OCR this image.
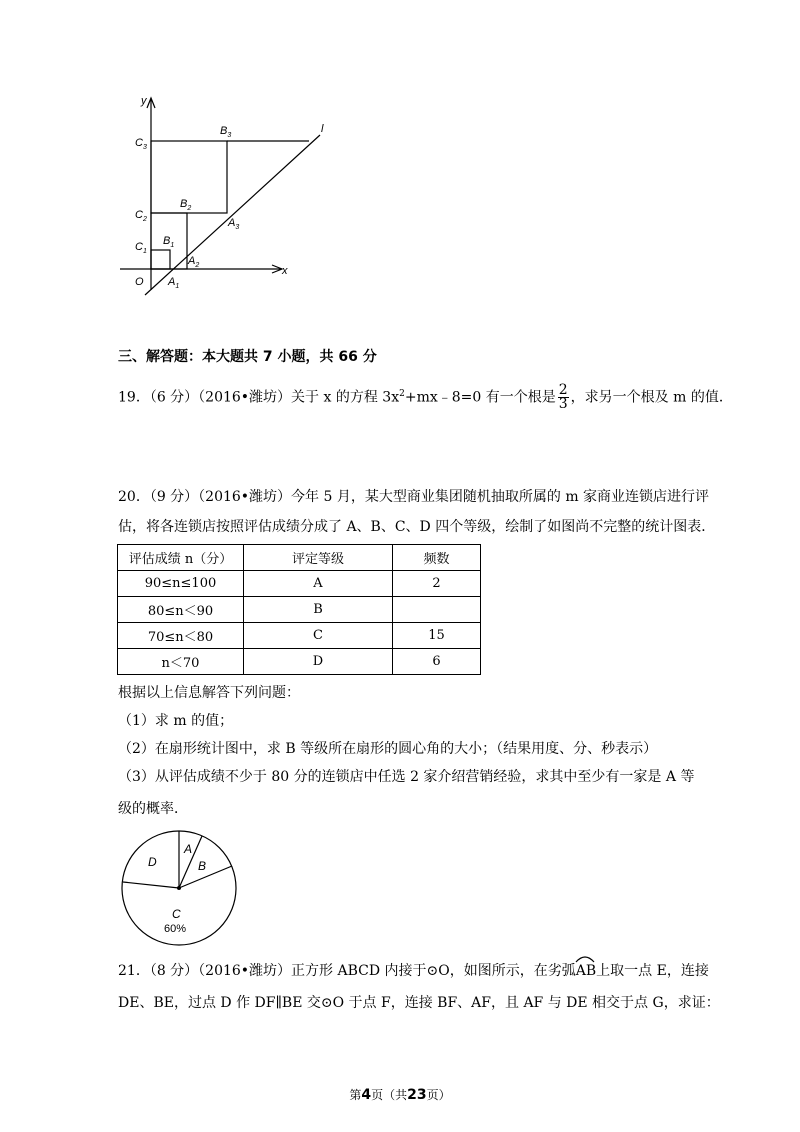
y
x
l
O
$C_3$
$B_3$
$C_2$
$B_2$
$A_3$
$C_1$
$B_1$
$A_2$
$A_1$
三、解答题：本大题共 7 小题，共 66 分
19．（6 分）（2016•潍坊）关于 x 的方程 $3x^2+mx﹣8=0$ 有一个根是 $\frac{2}{3}$ ，求另一个根及 m 的值．
20．（9 分）（2016•潍坊）今年 5 月，某大型商业集团随机抽取所属的 m 家商业连锁店进行评
估，将各连锁店按照评估成绩分成了 A、B、C、D 四个等级，绘制了如图尚不完整的统计图表．
评估成绩 n（分）	评定等级	频数
90≤n≤100	A	2
80≤n＜90	B	
70≤n＜80	C	15
n＜70	D	6
根据以上信息解答下列问题：
（1）求 m 的值；
（2）在扇形统计图中，求 B 等级所在扇形的圆心角的大小；（结果用度、分、秒表示）
（3）从评估成绩不少于 80 分的连锁店中任选 2 家介绍营销经验，求其中至少有一家是 A 等
级的概率．
D
A
B
C
60%
21．（8 分）（2016•潍坊）正方形 ABCD 内接于⊙O，如图所示，在劣弧
AB上取一点 E，连接
DE、BE，过点 D 作 DF∥BE 交⊙O 于点 F，连接 BF、AF，且 AF 与 DE 相交于点 G，求证：
第4页（共23页）
